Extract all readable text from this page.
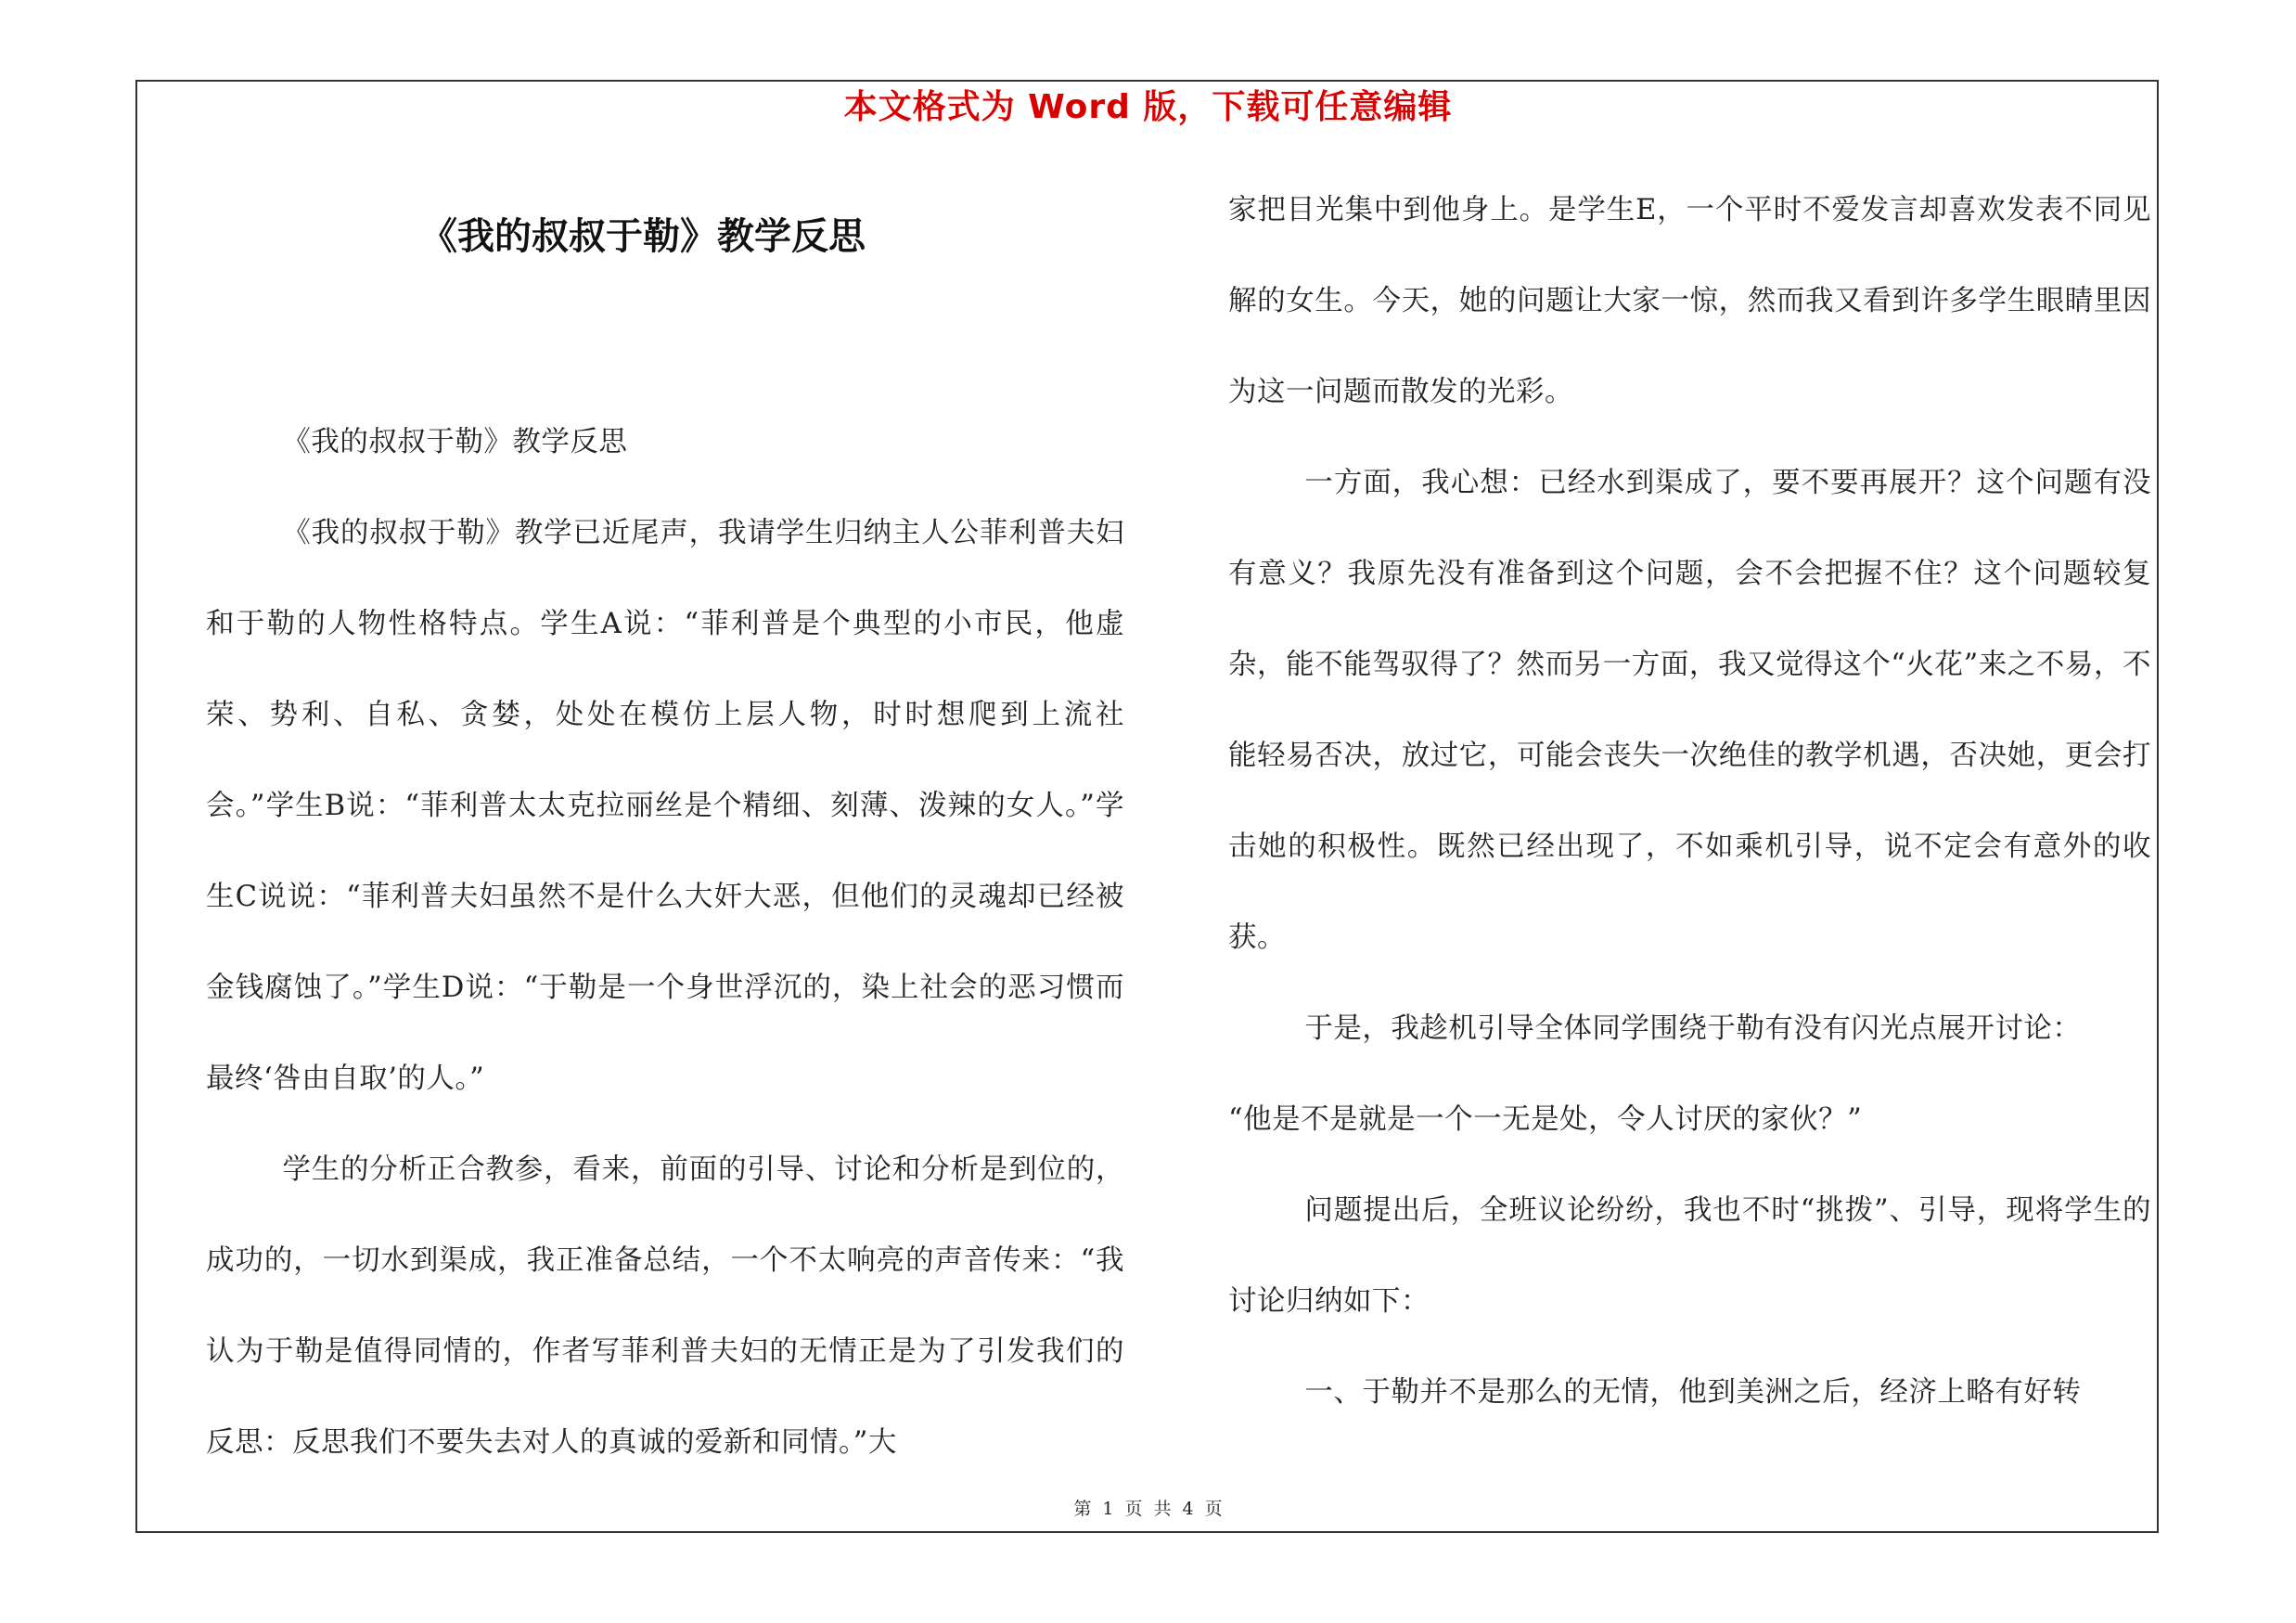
本文格式为 Word 版，下载可任意编辑
《我的叔叔于勒》教学反思

《我的叔叔于勒》教学反思

《我的叔叔于勒》教学已近尾声，我请学生归纳主人公菲利普夫妇和于勒的人物性格特点。学生A说：“菲利普是个典型的小市民，他虚荣、势利、自私、贪婪，处处在模仿上层人物，时时想爬到上流社会。”学生B说：“菲利普太太克拉丽丝是个精细、刻薄、泼辣的女人。”学生C说说：“菲利普夫妇虽然不是什么大奸大恶，但他们的灵魂却已经被金钱腐蚀了。”学生D说：“于勒是一个身世浮沉的，染上社会的恶习惯而最终‘咎由自取’的人。”

学生的分析正合教参，看来，前面的引导、讨论和分析是到位的，成功的，一切水到渠成，我正准备总结，一个不太响亮的声音传来：“我认为于勒是值得同情的，作者写菲利普夫妇的无情正是为了引发我们的反思：反思我们不要失去对人的真诚的爱新和同情。”大

家把目光集中到他身上。是学生E，一个平时不爱发言却喜欢发表不同见解的女生。今天，她的问题让大家一惊，然而我又看到许多学生眼睛里因为这一问题而散发的光彩。

一方面，我心想：已经水到渠成了，要不要再展开？这个问题有没有意义？我原先没有准备到这个问题，会不会把握不住？这个问题较复杂，能不能驾驭得了？然而另一方面，我又觉得这个“火花”来之不易，不能轻易否决，放过它，可能会丧失一次绝佳的教学机遇，否决她，更会打击她的积极性。既然已经出现了，不如乘机引导，说不定会有意外的收获。

于是，我趁机引导全体同学围绕于勒有没有闪光点展开讨论：

“他是不是就是一个一无是处，令人讨厌的家伙？”

问题提出后，全班议论纷纷，我也不时“挑拨”、引导，现将学生的讨论归纳如下：

一、于勒并不是那么的无情，他到美洲之后，经济上略有好转

第 1 页 共 4 页
